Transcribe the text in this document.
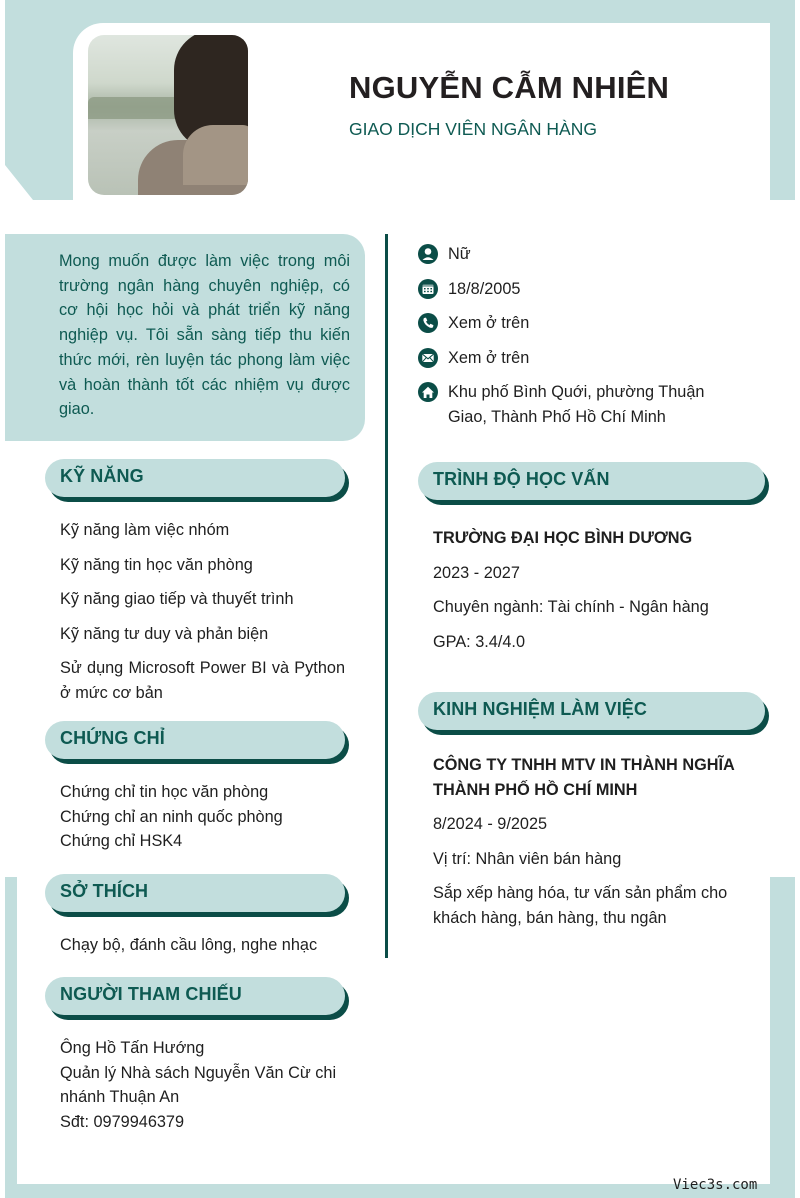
NGUYỄN CẪM NHIÊN
GIAO DỊCH VIÊN NGÂN HÀNG

Mong muốn được làm việc trong môi trường ngân hàng chuyên nghiệp, có cơ hội học hỏi và phát triển kỹ năng nghiệp vụ. Tôi sẵn sàng tiếp thu kiến thức mới, rèn luyện tác phong làm việc và hoàn thành tốt các nhiệm vụ được giao.

Nữ
18/8/2005
Xem ở trên
Xem ở trên
Khu phố Bình Quới, phường Thuận Giao, Thành Phố Hồ Chí Minh
KỸ NĂNG
Kỹ năng làm việc nhóm
Kỹ năng tin học văn phòng
Kỹ năng giao tiếp và thuyết trình
Kỹ năng tư duy và phản biện
Sử dụng Microsoft Power BI và Python ở mức cơ bản
CHỨNG CHỈ
Chứng chỉ tin học văn phòng
Chứng chỉ an ninh quốc phòng
Chứng chỉ HSK4
SỞ THÍCH
Chạy bộ, đánh cầu lông, nghe nhạc
NGƯỜI THAM CHIẾU
Ông Hồ Tấn Hướng
Quản lý Nhà sách Nguyễn Văn Cừ chi nhánh Thuận An
Sđt: 0979946379
TRÌNH ĐỘ HỌC VẤN
TRƯỜNG ĐẠI HỌC BÌNH DƯƠNG
2023 - 2027
Chuyên ngành: Tài chính - Ngân hàng
GPA: 3.4/4.0
KINH NGHIỆM LÀM VIỆC
CÔNG TY TNHH MTV IN THÀNH NGHĨA THÀNH PHỐ HỒ CHÍ MINH
8/2024 - 9/2025
Vị trí: Nhân viên bán hàng
Sắp xếp hàng hóa, tư vấn sản phẩm cho khách hàng, bán hàng, thu ngân
Viec3s.com
